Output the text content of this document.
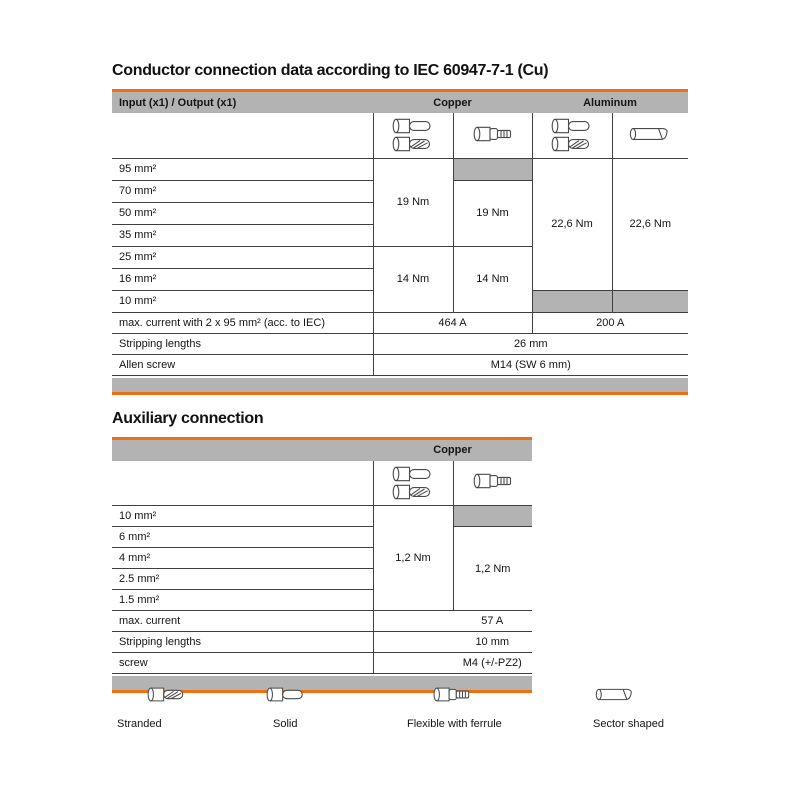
Conductor connection data according to IEC 60947-7-1 (Cu)
Input (x1) / Output (x1)	Copper		Aluminum	

95 mm²	19 Nm		22,6 Nm	22,6 Nm
70 mm²		19 Nm		
50 mm²				
35 mm²				
25 mm²	14 Nm	14 Nm		
16 mm²				
10 mm²				
max. current with 2 x 95 mm² (acc. to IEC)	464 A		200 A	
Stripping lengths	26 mm			
Allen screw	M14 (SW 6 mm)			
Auxiliary connection
	Copper	

10 mm²	1,2 Nm	
6 mm²		1,2 Nm
4 mm²		
2.5 mm²		
1.5 mm²		
max. current	57 A	
Stripping lengths	10 mm	
screw	M4 (+/-PZ2)	
Stranded	Solid	Flexible with ferrule	Sector shaped
